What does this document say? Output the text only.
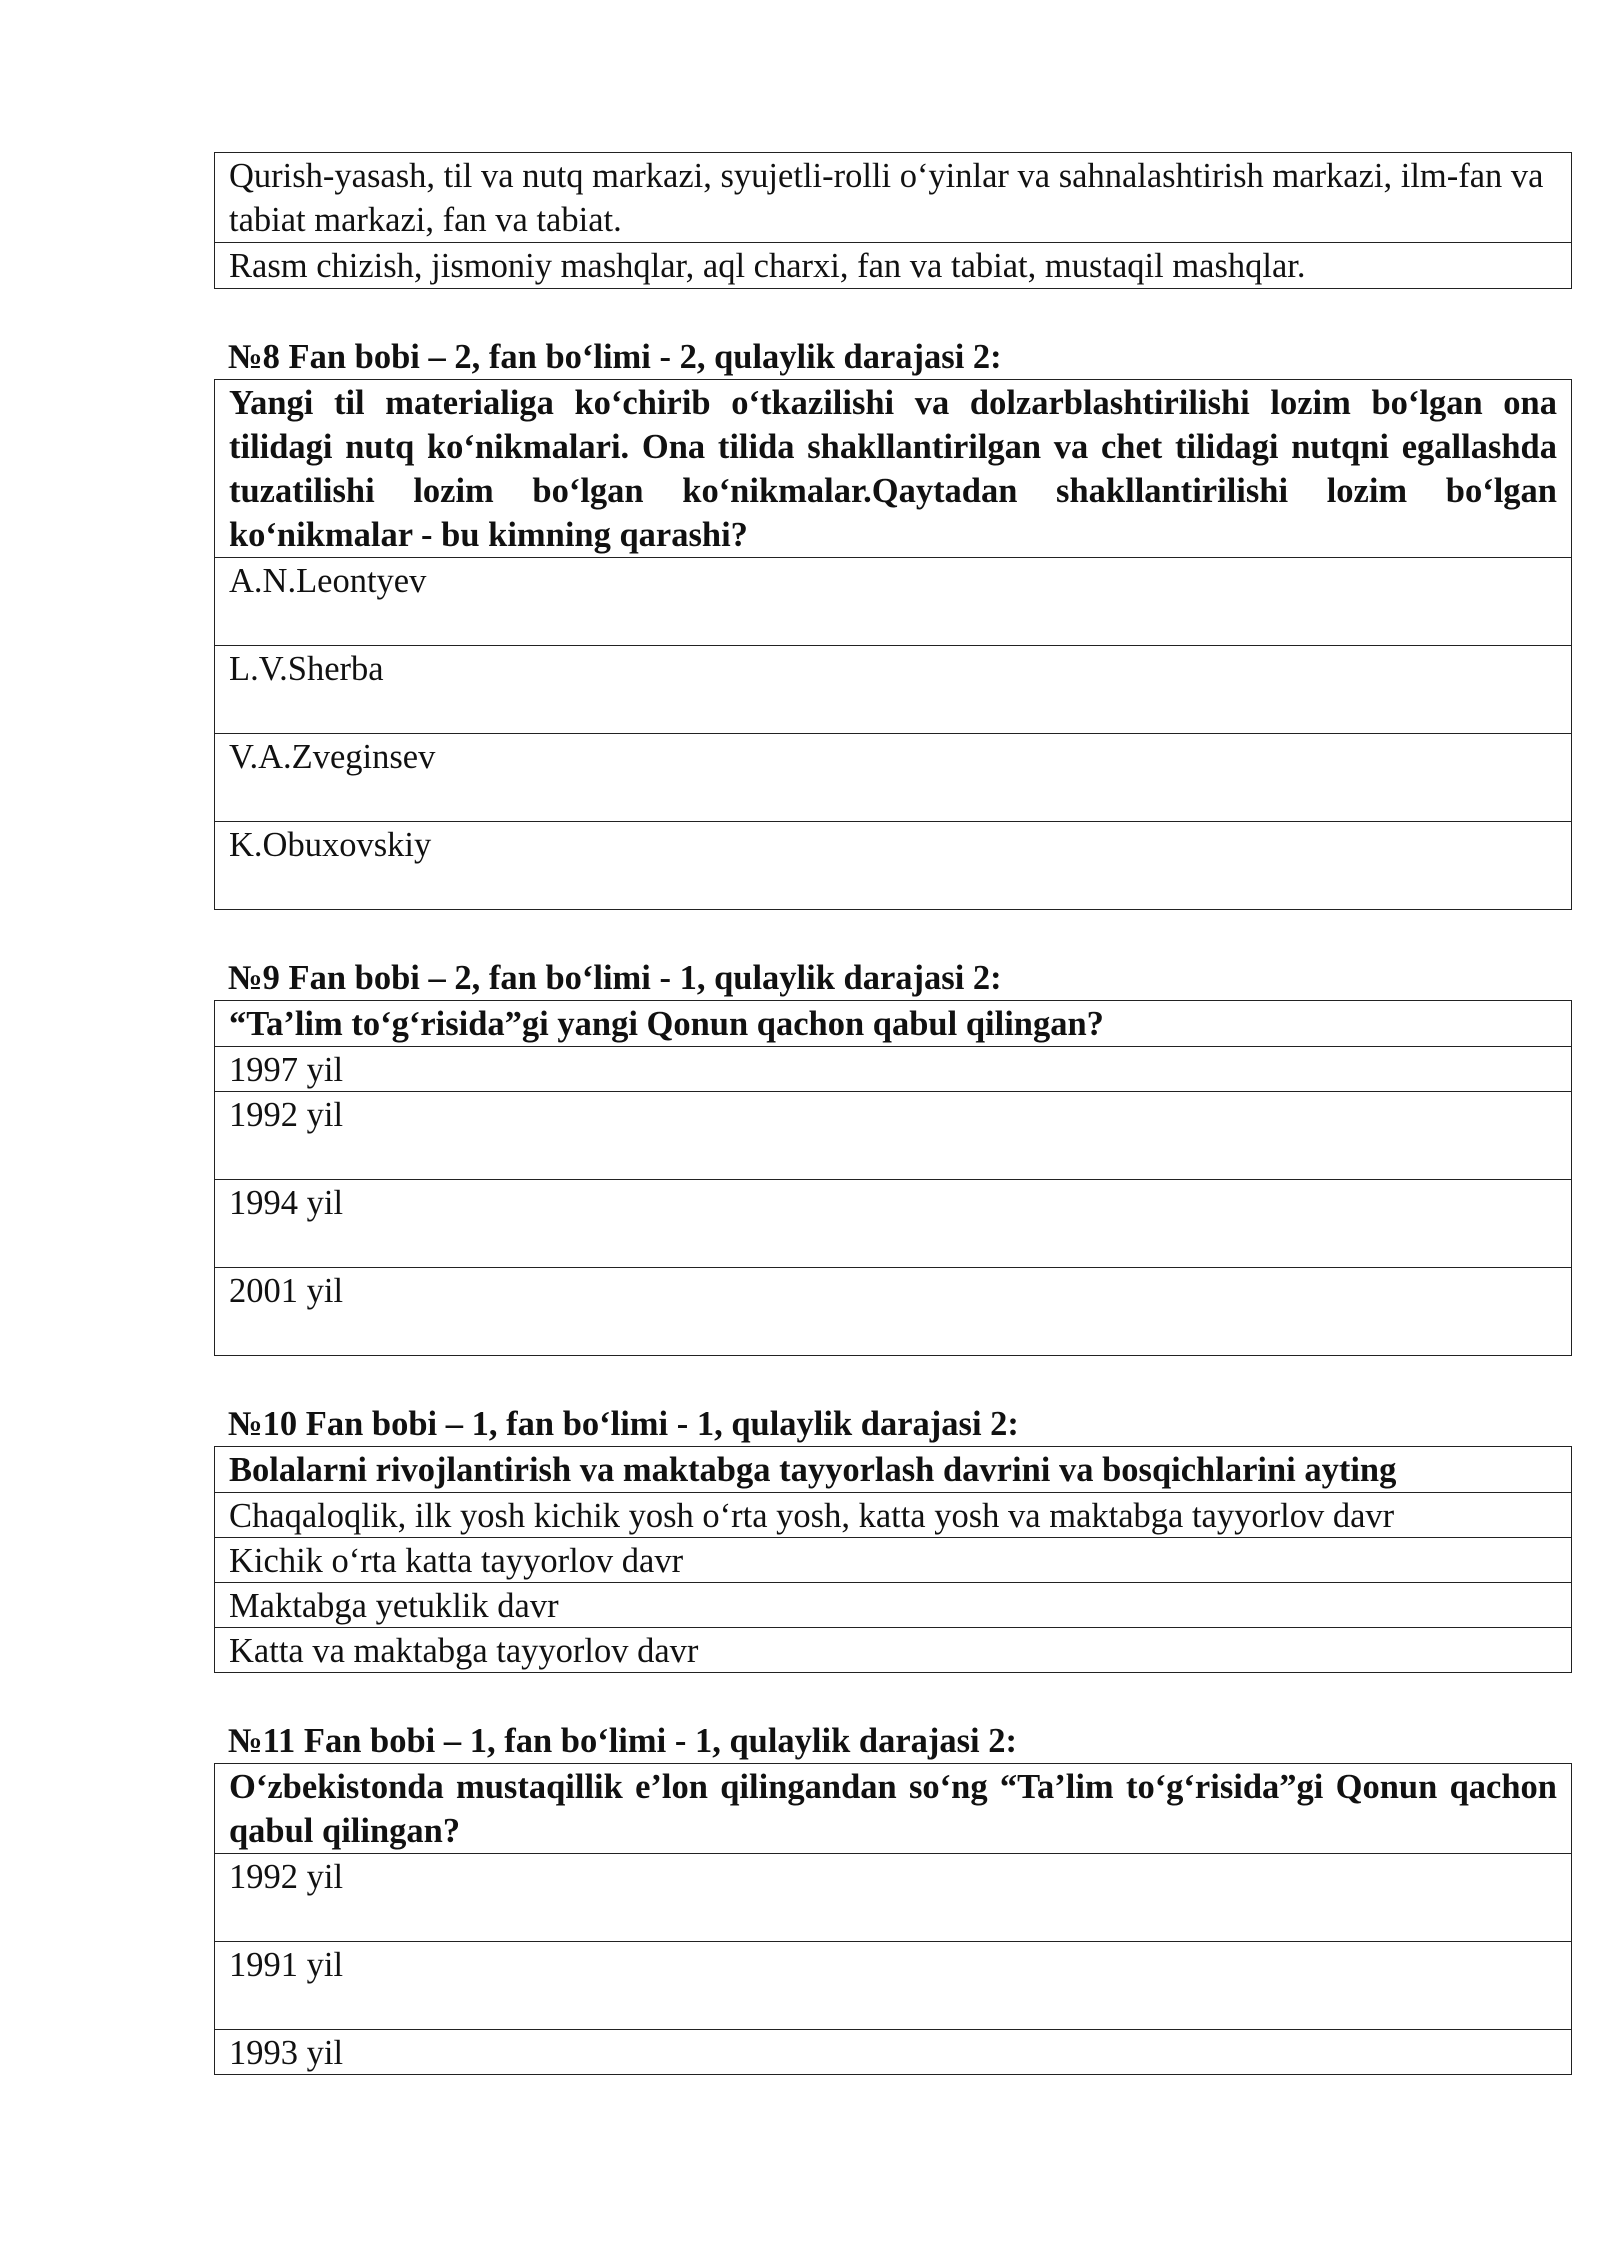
Qurish-yasash, til va nutq markazi, syujetli-rolli o‘yinlar va sahnalashtirish markazi, ilm-fan va tabiat markazi, fan va tabiat.
Rasm chizish, jismoniy mashqlar, aql charxi, fan va tabiat, mustaqil mashqlar.
№8 Fan bobi – 2, fan bo‘limi - 2, qulaylik darajasi 2:
Yangi til materialiga ko‘chirib o‘tkazilishi va dolzarblashtirilishi lozim bo‘lgan ona tilidagi nutq ko‘nikmalari. Ona tilida shakllantirilgan va chet tilidagi nutqni egallashda tuzatilishi lozim bo‘lgan ko‘nikmalar.Qaytadan shakllantirilishi lozim bo‘lgan ko‘nikmalar - bu kimning qarashi?
A.N.Leontyev
L.V.Sherba
V.A.Zveginsev
K.Obuxovskiy
№9 Fan bobi – 2, fan bo‘limi - 1, qulaylik darajasi 2:
“Ta’lim to‘g‘risida”gi yangi Qonun qachon qabul qilingan?
1997 yil
1992 yil
1994 yil
2001 yil
№10 Fan bobi – 1, fan bo‘limi - 1, qulaylik darajasi 2:
Bolalarni rivojlantirish va maktabga tayyorlash davrini va bosqichlarini ayting
Chaqaloqlik, ilk yosh kichik yosh o‘rta yosh, katta yosh va maktabga tayyorlov davr
Kichik o‘rta katta tayyorlov davr
Maktabga yetuklik davr
Katta va maktabga tayyorlov davr
№11 Fan bobi – 1, fan bo‘limi - 1, qulaylik darajasi 2:
O‘zbekistonda mustaqillik e’lon qilingandan so‘ng “Ta’lim to‘g‘risida”gi Qonun qachon qabul qilingan?
1992 yil
1991 yil
1993 yil
